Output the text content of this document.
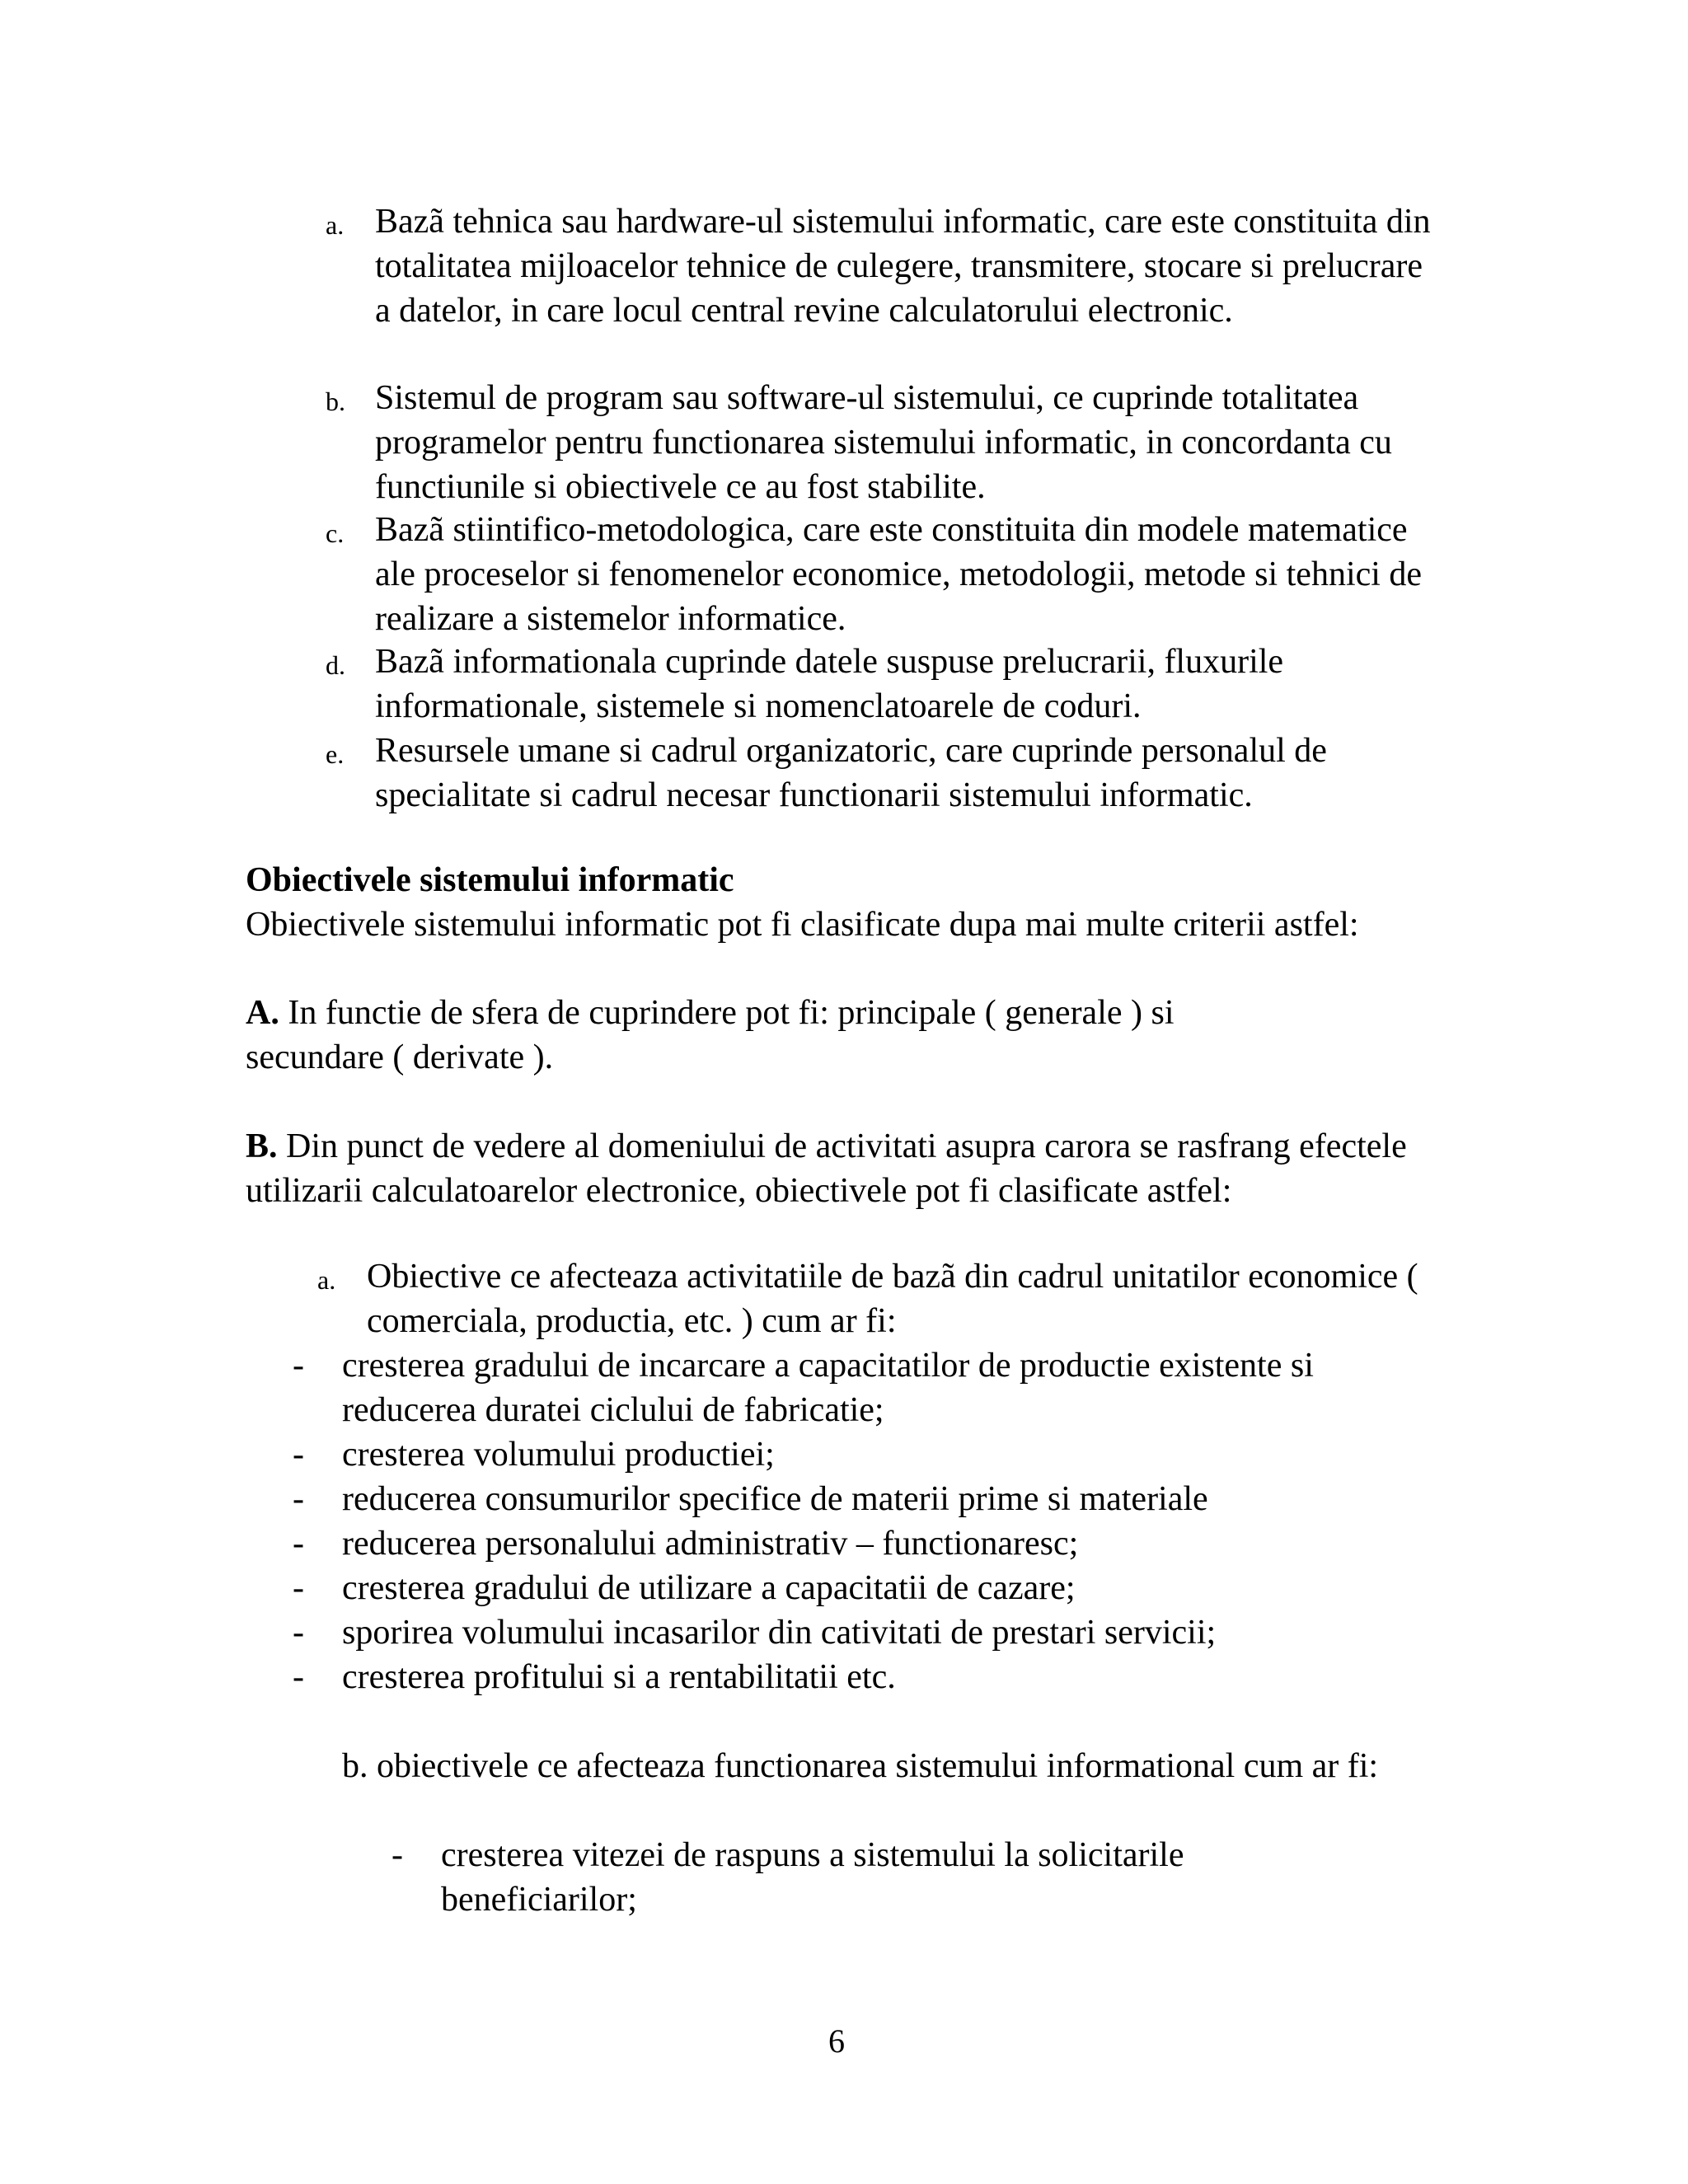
a. Bazã tehnica sau hardware-ul sistemului informatic, care este constituita din totalitatea mijloacelor tehnice de culegere, transmitere, stocare si prelucrare a datelor, in care locul central revine calculatorului electronic.

b. Sistemul de program sau software-ul sistemului, ce cuprinde totalitatea programelor pentru functionarea sistemului informatic, in concordanta cu functiunile si obiectivele ce au fost stabilite.

c. Bazã stiintifico-metodologica, care este constituita din modele matematice ale proceselor si fenomenelor economice, metodologii, metode si tehnici de realizare a sistemelor informatice.

d. Bazã informationala cuprinde datele suspuse prelucrarii, fluxurile informationale, sistemele si nomenclatoarele de coduri.

e. Resursele umane si cadrul organizatoric, care cuprinde personalul de specialitate si cadrul necesar functionarii sistemului informatic.

Obiectivele sistemului informatic

Obiectivele sistemului informatic pot fi clasificate dupa mai multe criterii astfel:

A. In functie de sfera de cuprindere pot fi: principale ( generale ) si secundare ( derivate ).

B. Din punct de vedere al domeniului de activitati asupra carora se rasfrang efectele utilizarii calculatoarelor electronice, obiectivele pot fi clasificate astfel:

a. Obiective ce afecteaza activitatiile de bazã din cadrul unitatilor economice ( comerciala, productia, etc. ) cum ar fi:

- cresterea gradului de incarcare a capacitatilor de productie existente si reducerea duratei ciclului de fabricatie;

- cresterea volumului productiei;

- reducerea consumurilor specifice de materii prime si materiale

- reducerea personalului administrativ – functionaresc;

- cresterea gradului de utilizare a capacitatii de cazare;

- sporirea volumului incasarilor din cativitati de prestari servicii;

- cresterea profitului si a rentabilitatii etc.

b. obiectivele ce afecteaza functionarea sistemului informational cum ar fi:

- cresterea vitezei de raspuns a sistemului la solicitarile beneficiarilor;

6
